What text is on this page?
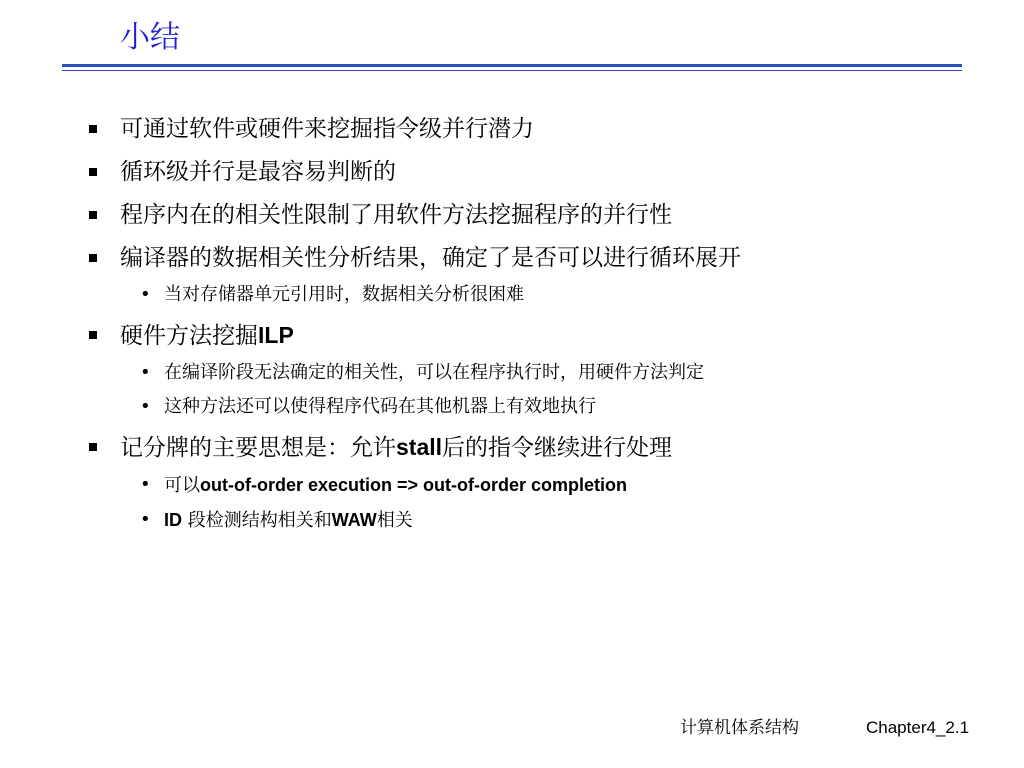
小结
可通过软件或硬件来挖掘指令级并行潜力
循环级并行是最容易判断的
程序内在的相关性限制了用软件方法挖掘程序的并行性
编译器的数据相关性分析结果，确定了是否可以进行循环展开
• 当对存储器单元引用时，数据相关分析很困难
硬件方法挖掘ILP
• 在编译阶段无法确定的相关性，可以在程序执行时，用硬件方法判定
• 这种方法还可以使得程序代码在其他机器上有效地执行
记分牌的主要思想是：允许stall后的指令继续进行处理
• 可以out-of-order execution => out-of-order completion
• ID 段检测结构相关和WAW相关
计算机体系结构	Chapter4_2.1
